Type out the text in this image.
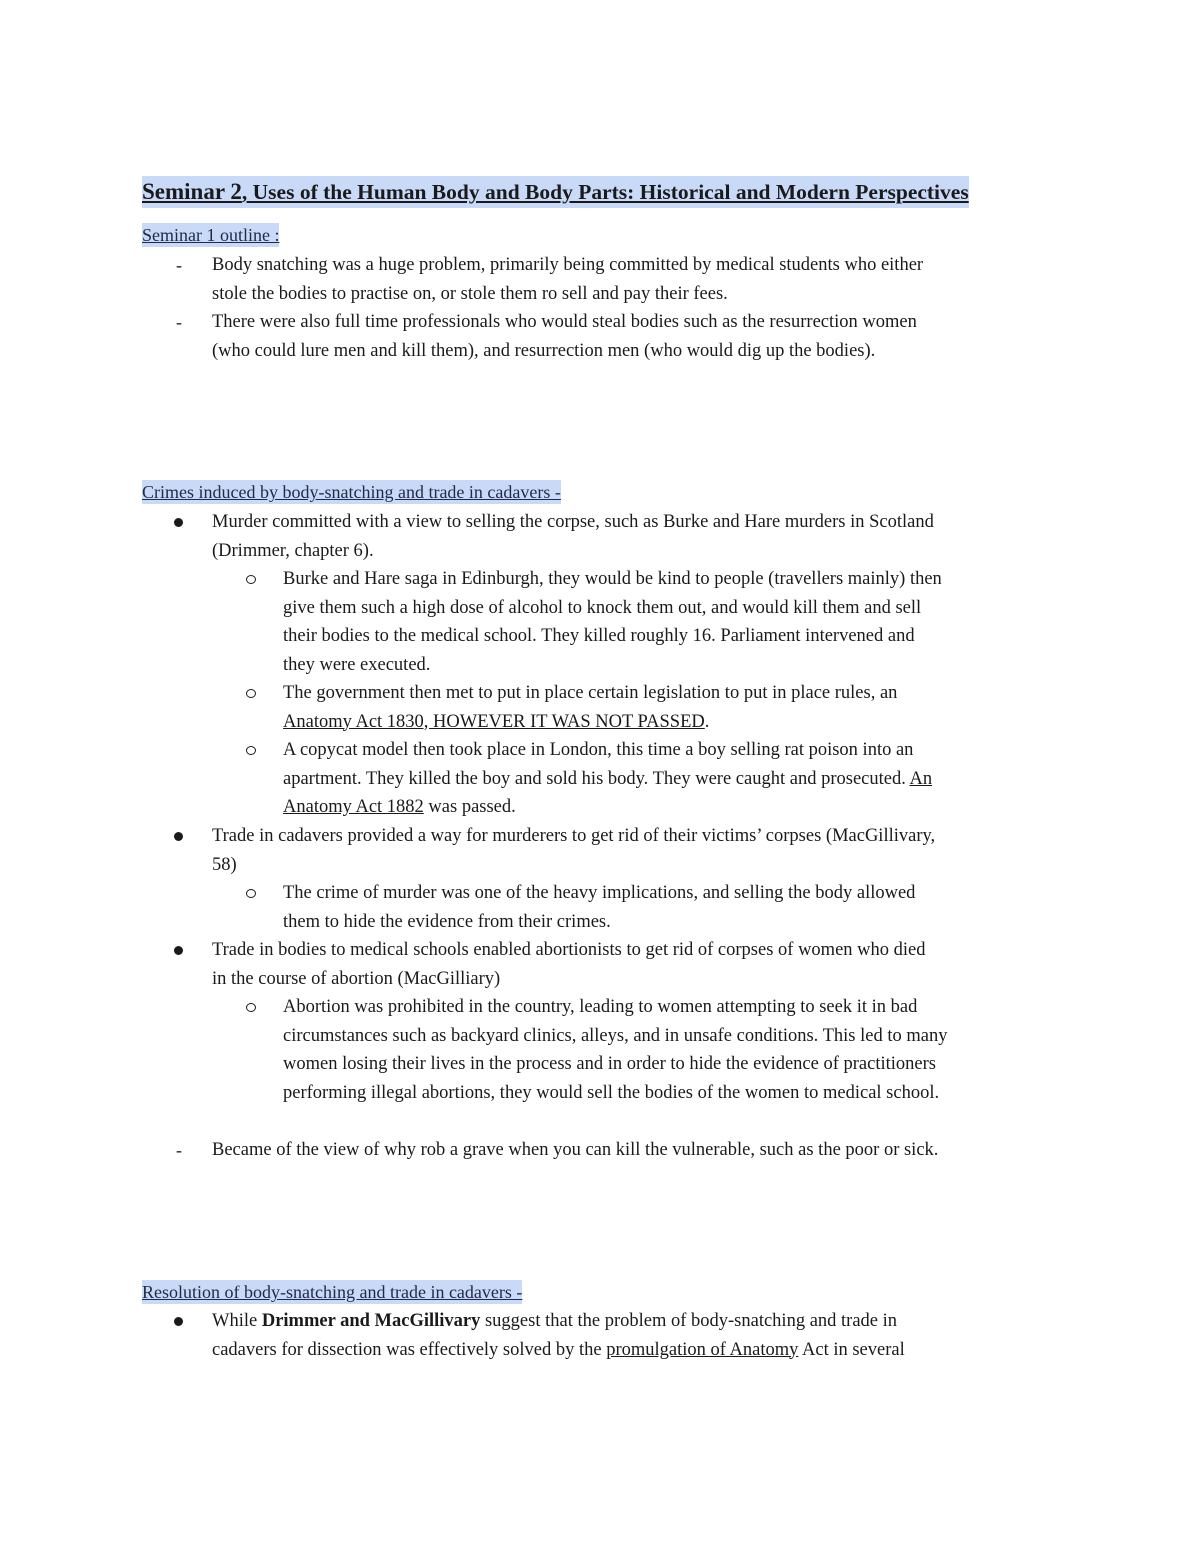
Seminar 2, Uses of the Human Body and Body Parts: Historical and Modern Perspectives
Seminar 1 outline :
- Body snatching was a huge problem, primarily being committed by medical students who either
stole the bodies to practise on, or stole them ro sell and pay their fees.
- There were also full time professionals who would steal bodies such as the resurrection women
(who could lure men and kill them), and resurrection men (who would dig up the bodies).
Crimes induced by body-snatching and trade in cadavers -
Murder committed with a view to selling the corpse, such as Burke and Hare murders in Scotland
(Drimmer, chapter 6).
Burke and Hare saga in Edinburgh, they would be kind to people (travellers mainly) then
give them such a high dose of alcohol to knock them out, and would kill them and sell
their bodies to the medical school. They killed roughly 16. Parliament intervened and
they were executed.
The government then met to put in place certain legislation to put in place rules, an
Anatomy Act 1830, HOWEVER IT WAS NOT PASSED.
A copycat model then took place in London, this time a boy selling rat poison into an
apartment. They killed the boy and sold his body. They were caught and prosecuted. An
Anatomy Act 1882 was passed.
Trade in cadavers provided a way for murderers to get rid of their victims’ corpses (MacGillivary,
58)
The crime of murder was one of the heavy implications, and selling the body allowed
them to hide the evidence from their crimes.
Trade in bodies to medical schools enabled abortionists to get rid of corpses of women who died
in the course of abortion (MacGilliary)
Abortion was prohibited in the country, leading to women attempting to seek it in bad
circumstances such as backyard clinics, alleys, and in unsafe conditions. This led to many
women losing their lives in the process and in order to hide the evidence of practitioners
performing illegal abortions, they would sell the bodies of the women to medical school.
- Became of the view of why rob a grave when you can kill the vulnerable, such as the poor or sick.
Resolution of body-snatching and trade in cadavers -
While Drimmer and MacGillivary suggest that the problem of body-snatching and trade in
cadavers for dissection was effectively solved by the promulgation of Anatomy Act in several
